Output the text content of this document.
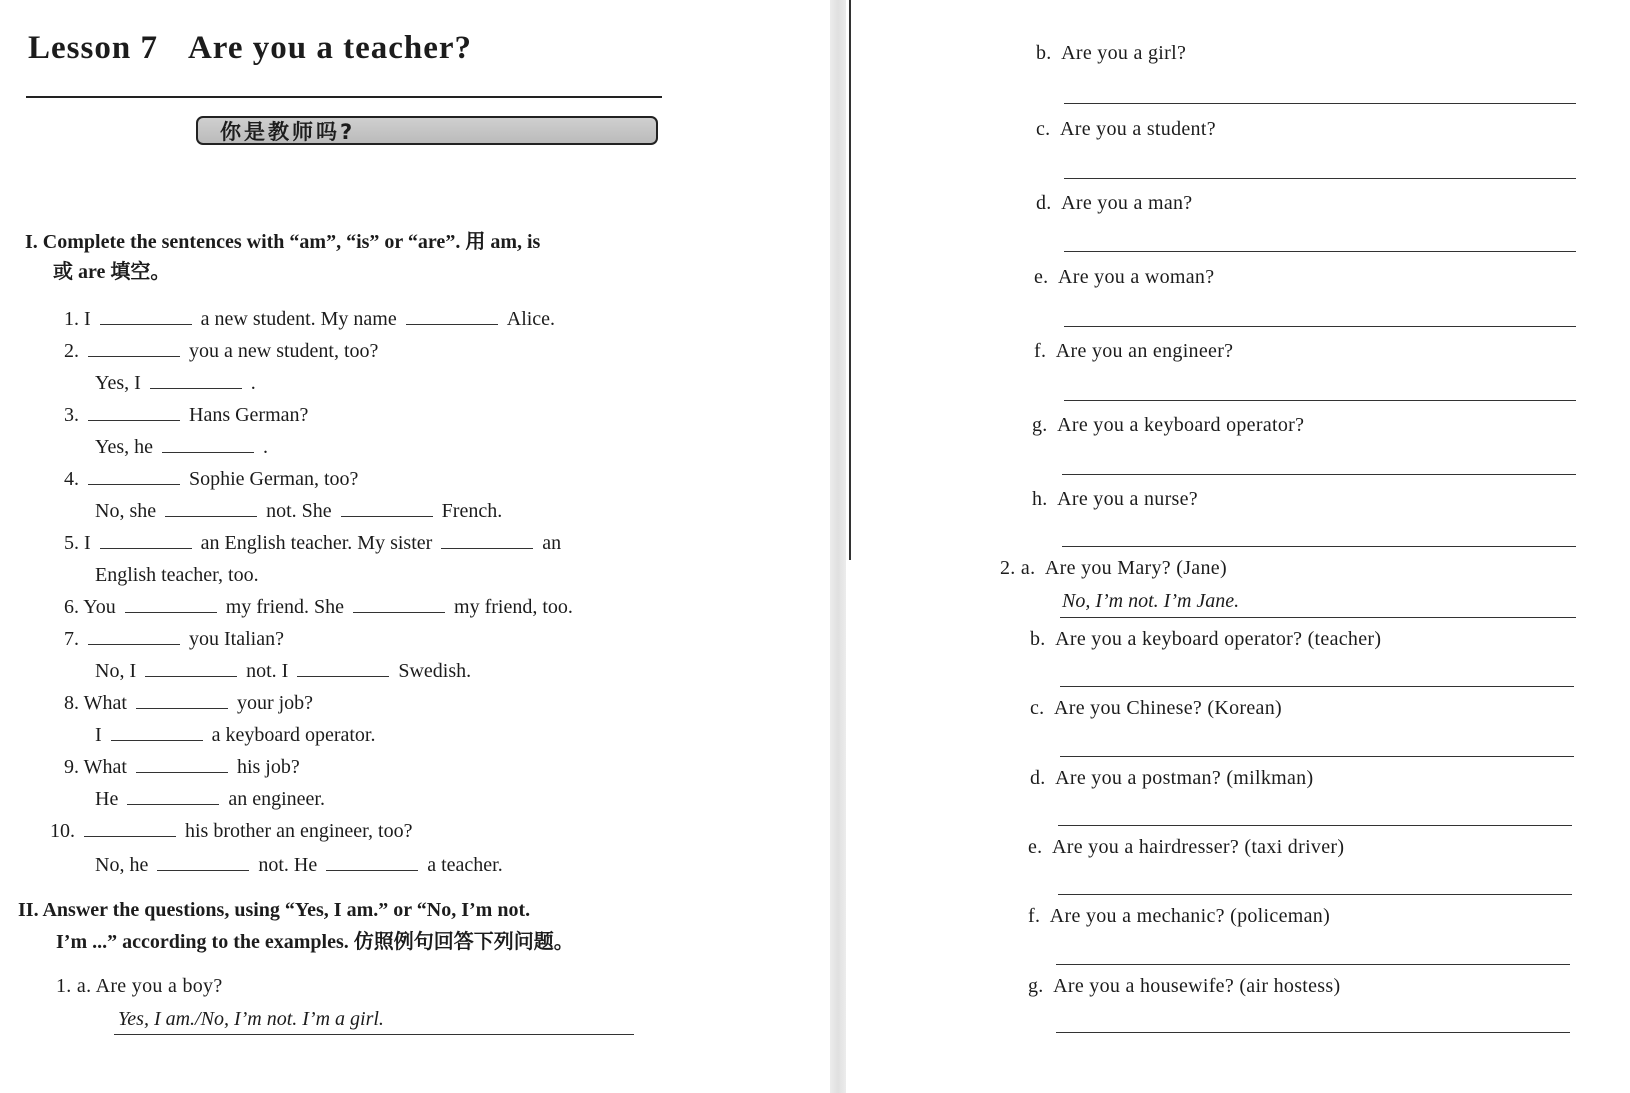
Lesson 7 Are you a teacher?
你是教师吗?
I. Complete the sentences with “am”, “is” or “are”. 用 am, is
或 are 填空。
1. I	a new student. My name	Alice.
2.	you a new student, too?
Yes, I	.
3.	Hans German?
Yes, he	.
4.	Sophie German, too?
No, she	not. She	French.
5. I	an English teacher. My sister	an
English teacher, too.
6. You	my friend. She	my friend, too.
7.	you Italian?
No, I	not. I	Swedish.
8. What	your job?
I	a keyboard operator.
9. What	his job?
He	an engineer.
10.	his brother an engineer, too?
No, he	not. He	a teacher.
II. Answer the questions, using “Yes, I am.” or “No, I’m not.
I’m ...” according to the examples. 仿照例句回答下列问题。
1. a. Are you a boy?
Yes, I am./No, I’m not. I’m a girl.
b. Are you a girl?
c. Are you a student?
d. Are you a man?
e. Are you a woman?
f. Are you an engineer?
g. Are you a keyboard operator?
h. Are you a nurse?
2. a. Are you Mary? (Jane)
No, I’m not. I’m Jane.
b. Are you a keyboard operator? (teacher)
c. Are you Chinese? (Korean)
d. Are you a postman? (milkman)
e. Are you a hairdresser? (taxi driver)
f. Are you a mechanic? (policeman)
g. Are you a housewife? (air hostess)
